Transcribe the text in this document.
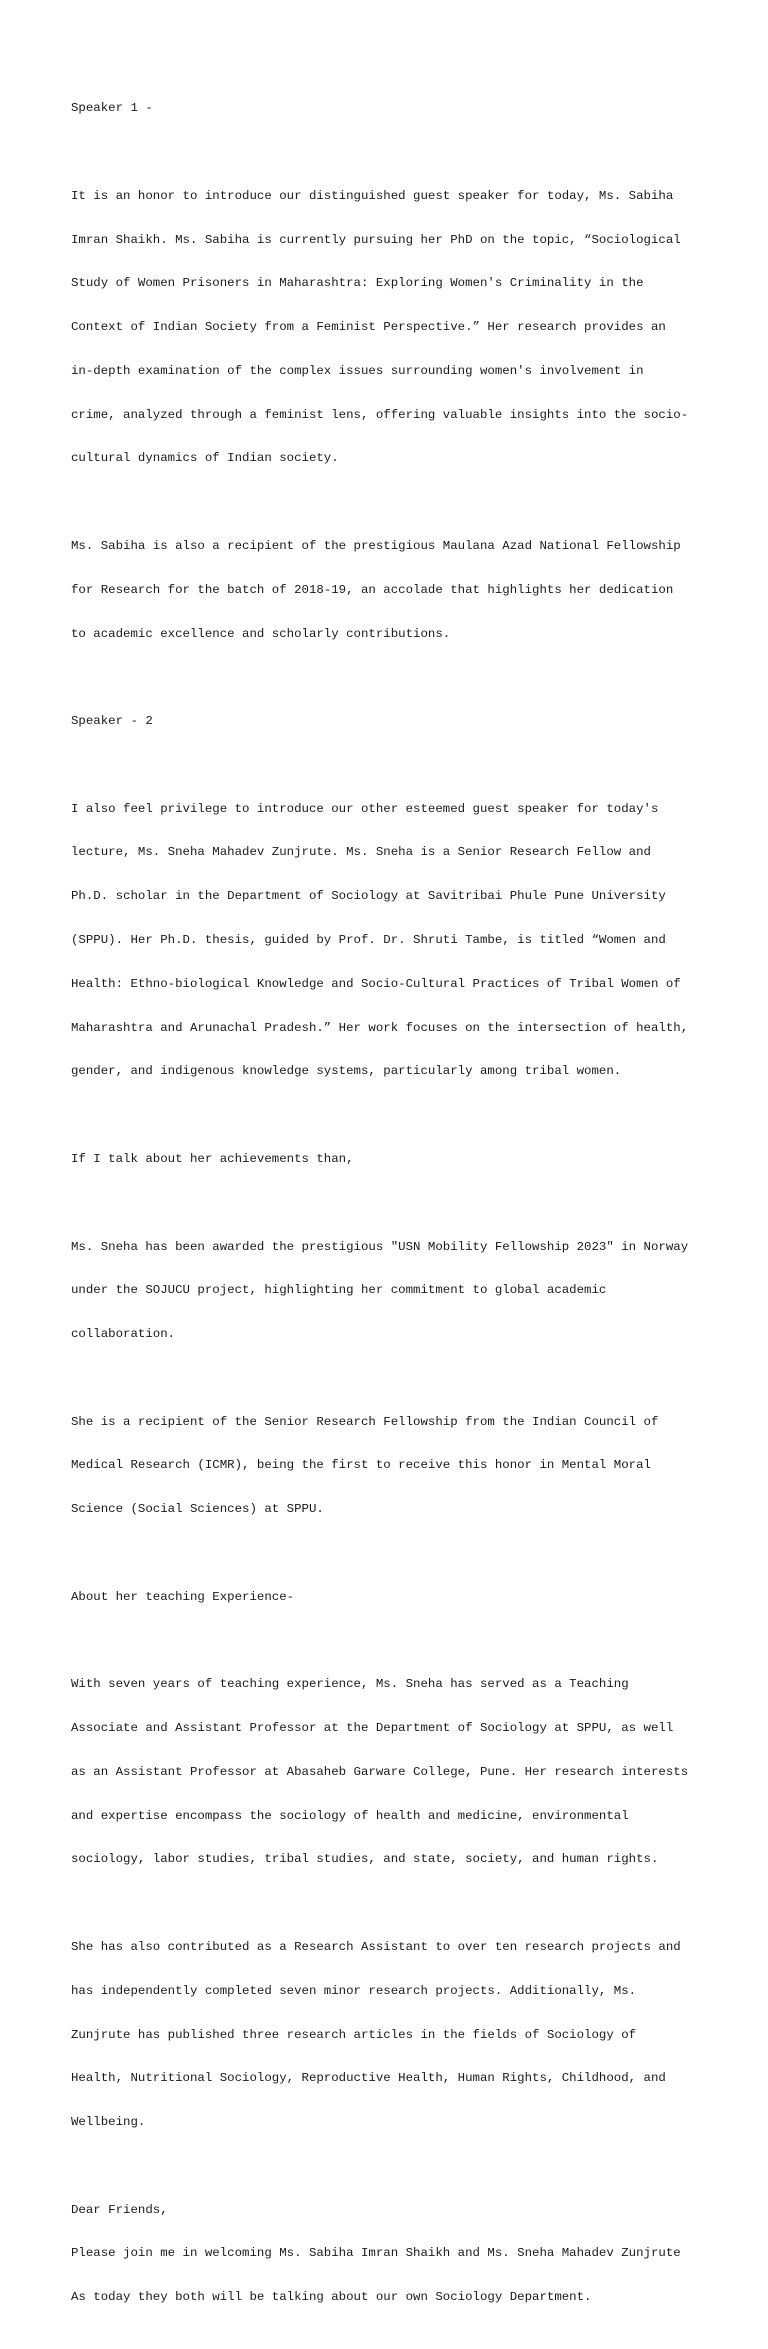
Speaker 1 -

It is an honor to introduce our distinguished guest speaker for today, Ms. Sabiha

Imran Shaikh. Ms. Sabiha is currently pursuing her PhD on the topic, “Sociological

Study of Women Prisoners in Maharashtra: Exploring Women's Criminality in the

Context of Indian Society from a Feminist Perspective.” Her research provides an

in-depth examination of the complex issues surrounding women's involvement in

crime, analyzed through a feminist lens, offering valuable insights into the socio-

cultural dynamics of Indian society.

Ms. Sabiha is also a recipient of the prestigious Maulana Azad National Fellowship

for Research for the batch of 2018-19, an accolade that highlights her dedication

to academic excellence and scholarly contributions.

Speaker - 2

I also feel privilege to introduce our other esteemed guest speaker for today's

lecture, Ms. Sneha Mahadev Zunjrute. Ms. Sneha is a Senior Research Fellow and

Ph.D. scholar in the Department of Sociology at Savitribai Phule Pune University

(SPPU). Her Ph.D. thesis, guided by Prof. Dr. Shruti Tambe, is titled “Women and

Health: Ethno-biological Knowledge and Socio-Cultural Practices of Tribal Women of

Maharashtra and Arunachal Pradesh.” Her work focuses on the intersection of health,

gender, and indigenous knowledge systems, particularly among tribal women.

If I talk about her achievements than,

Ms. Sneha has been awarded the prestigious "USN Mobility Fellowship 2023" in Norway

under the SOJUCU project, highlighting her commitment to global academic

collaboration.

She is a recipient of the Senior Research Fellowship from the Indian Council of

Medical Research (ICMR), being the first to receive this honor in Mental Moral

Science (Social Sciences) at SPPU.

About her teaching Experience-

With seven years of teaching experience, Ms. Sneha has served as a Teaching

Associate and Assistant Professor at the Department of Sociology at SPPU, as well

as an Assistant Professor at Abasaheb Garware College, Pune. Her research interests

and expertise encompass the sociology of health and medicine, environmental

sociology, labor studies, tribal studies, and state, society, and human rights.

She has also contributed as a Research Assistant to over ten research projects and

has independently completed seven minor research projects. Additionally, Ms.

Zunjrute has published three research articles in the fields of Sociology of

Health, Nutritional Sociology, Reproductive Health, Human Rights, Childhood, and

Wellbeing.

Dear Friends,

Please join me in welcoming Ms. Sabiha Imran Shaikh and Ms. Sneha Mahadev Zunjrute

As today they both will be talking about our own Sociology Department.
